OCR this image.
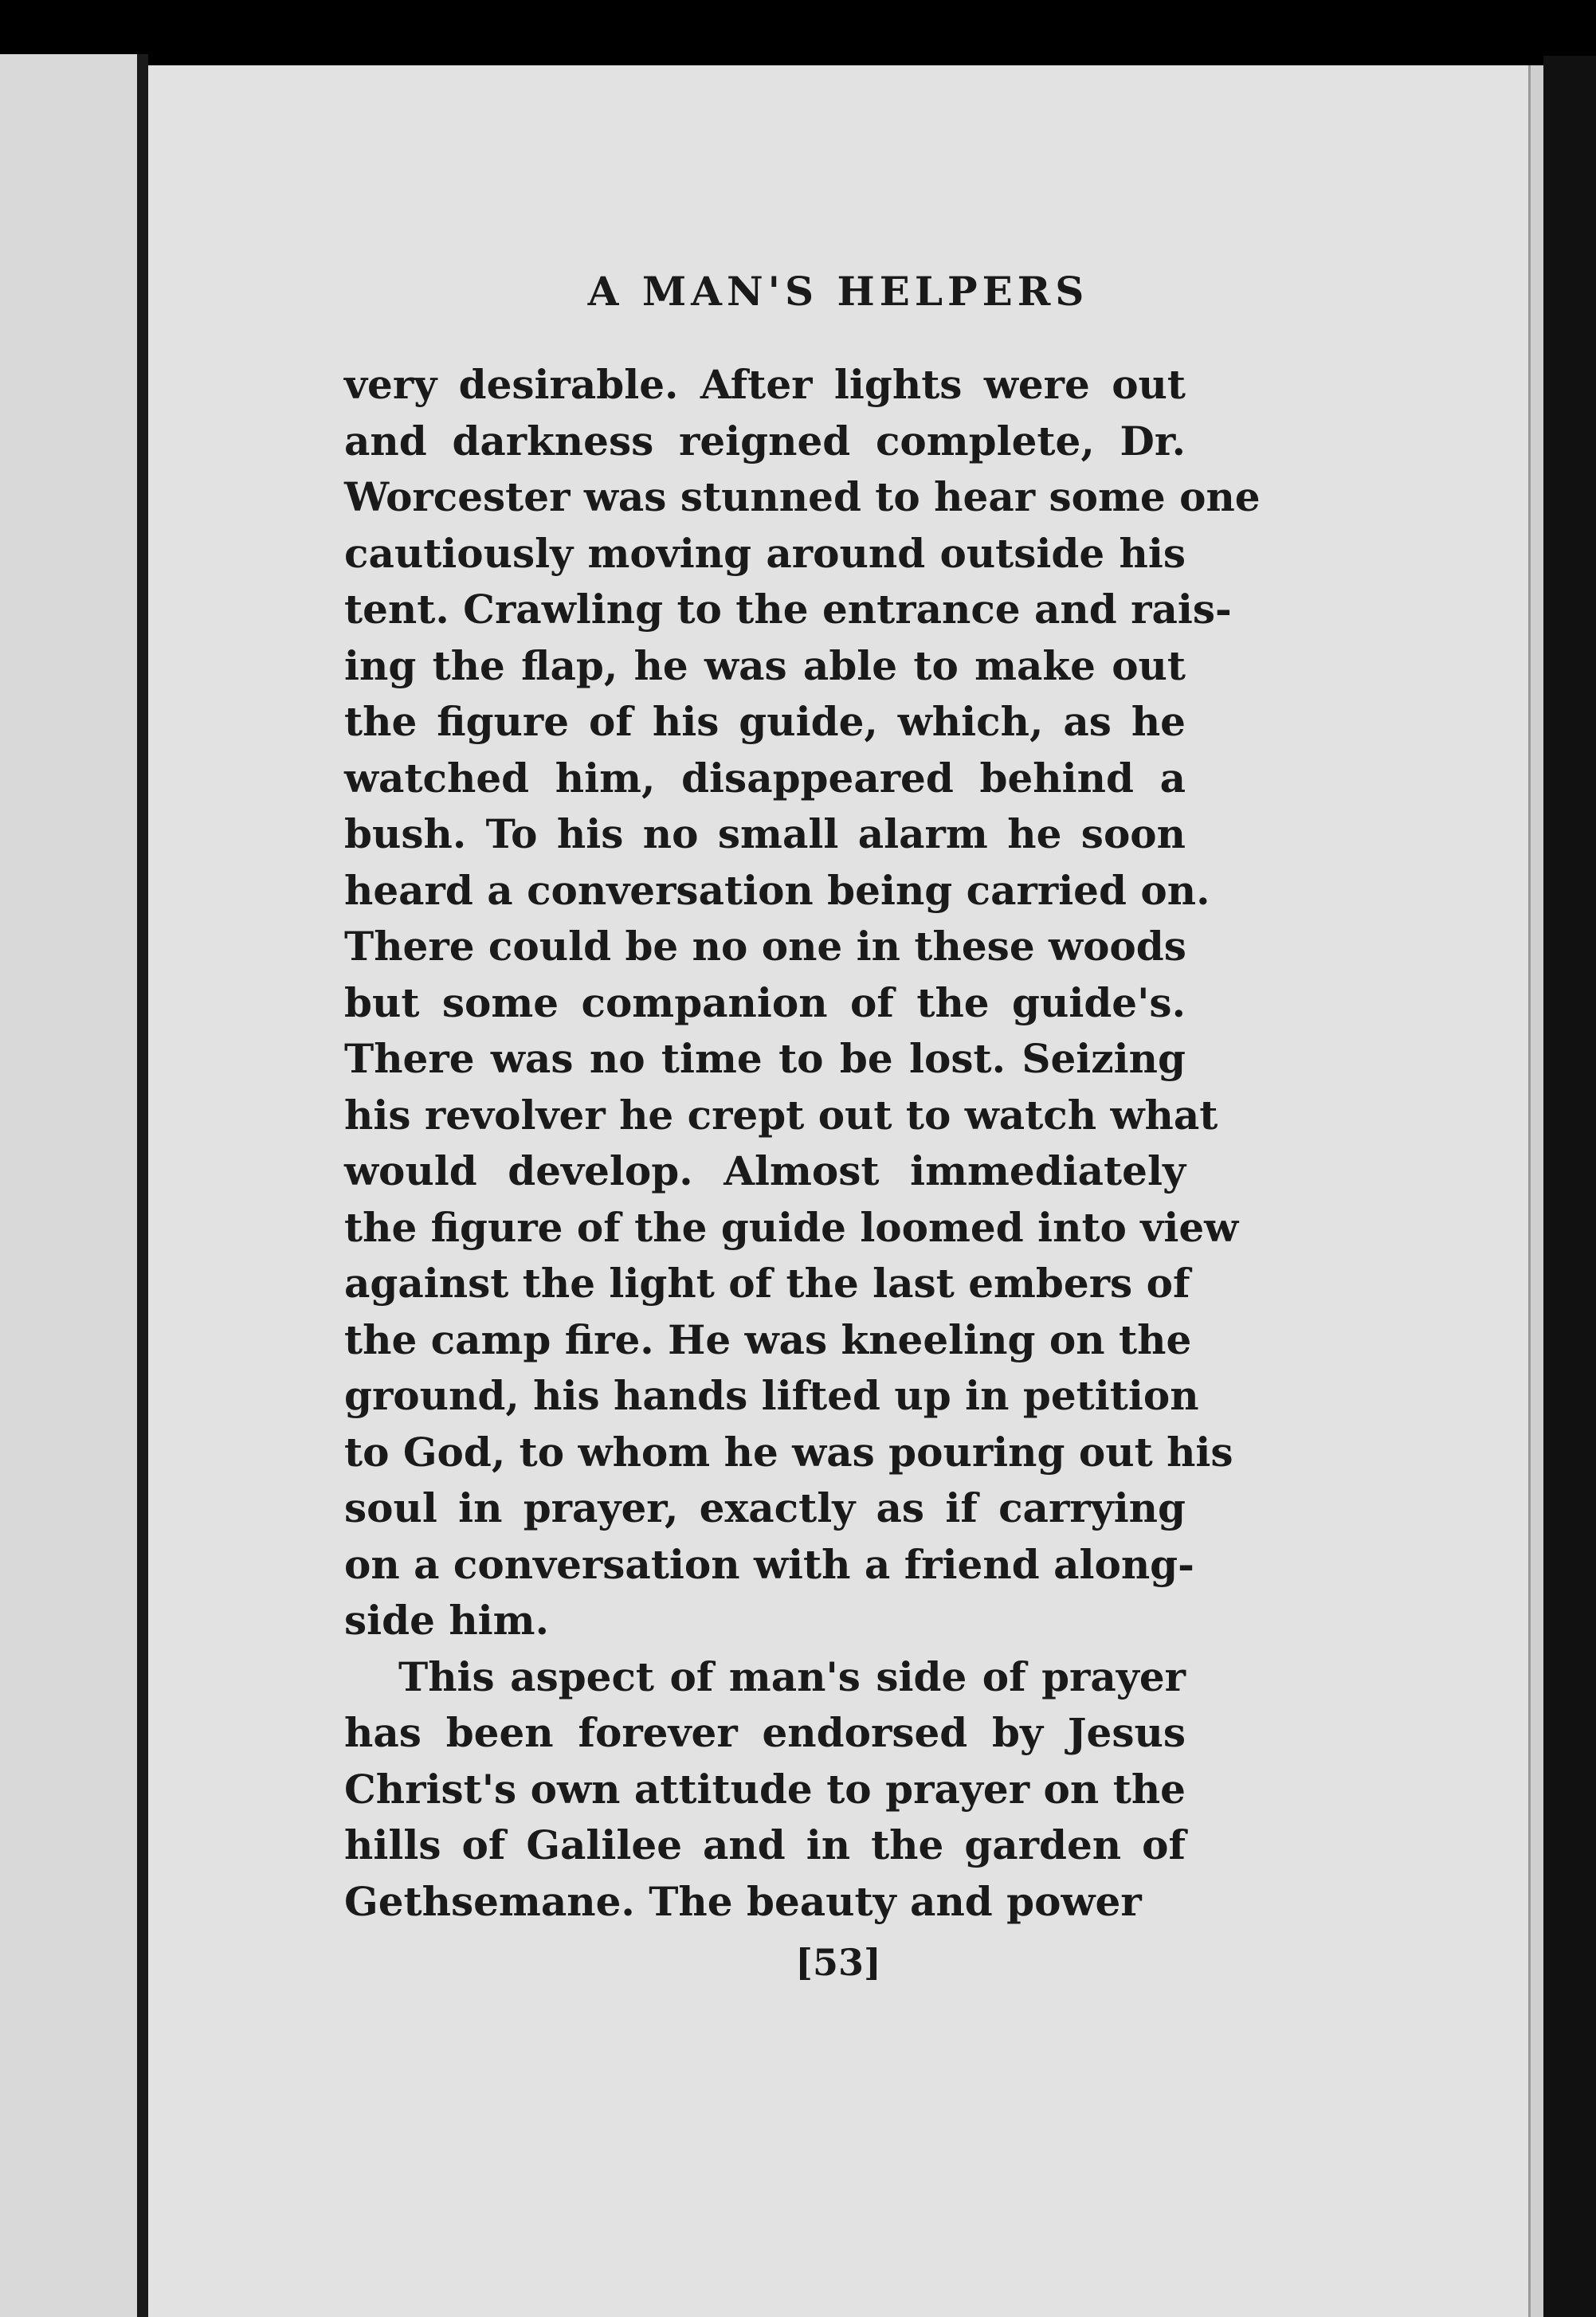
A MAN'S HELPERS
very desirable. After lights were out
and darkness reigned complete, Dr.
Worcester was stunned to hear some one
cautiously moving around outside his
tent. Crawling to the entrance and rais-
ing the flap, he was able to make out
the figure of his guide, which, as he
watched him, disappeared behind a
bush. To his no small alarm he soon
heard a conversation being carried on.
There could be no one in these woods
but some companion of the guide's.
There was no time to be lost. Seizing
his revolver he crept out to watch what
would develop. Almost immediately
the figure of the guide loomed into view
against the light of the last embers of
the camp fire. He was kneeling on the
ground, his hands lifted up in petition
to God, to whom he was pouring out his
soul in prayer, exactly as if carrying
on a conversation with a friend along-
side him.
This aspect of man's side of prayer
has been forever endorsed by Jesus
Christ's own attitude to prayer on the
hills of Galilee and in the garden of
Gethsemane. The beauty and power
[53]
